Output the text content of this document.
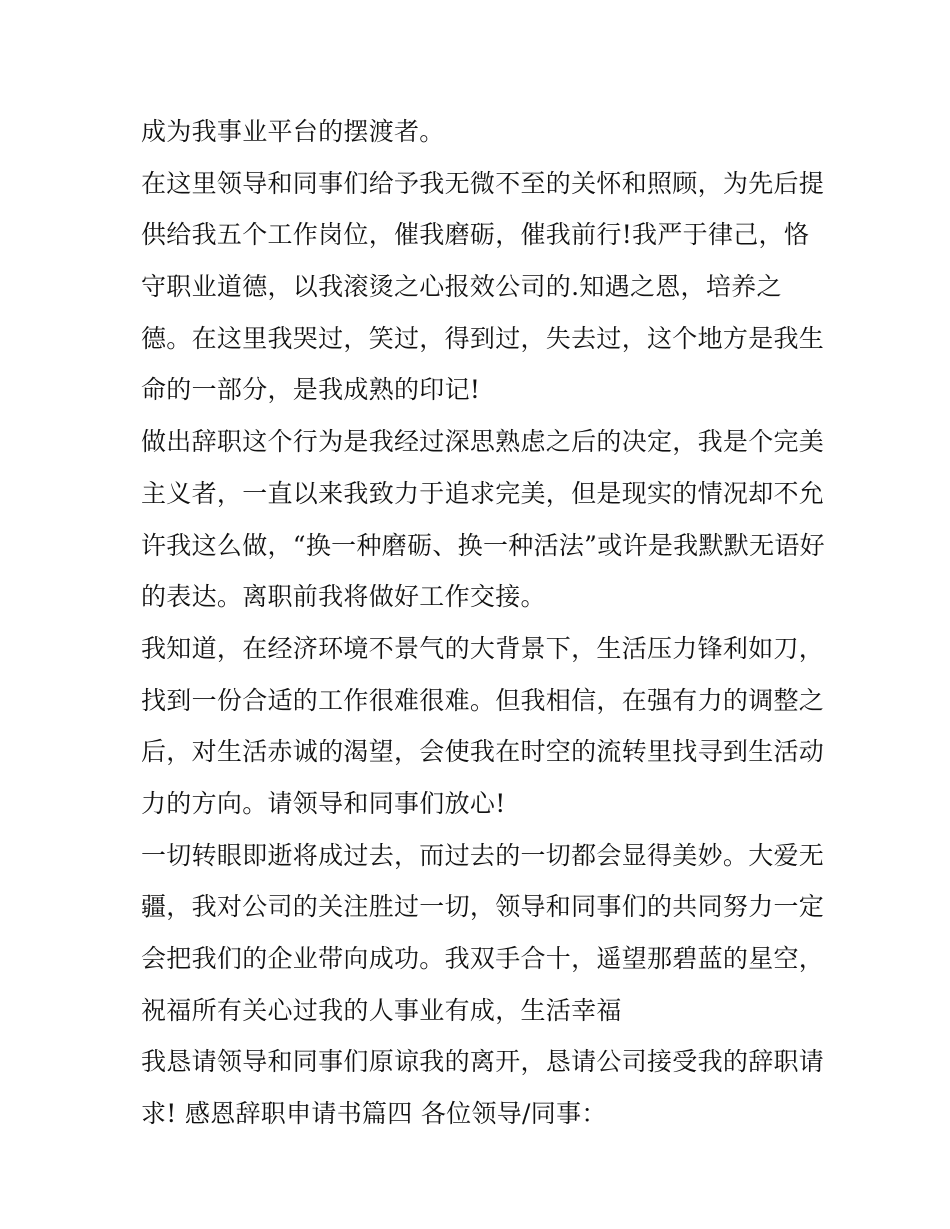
成为我事业平台的摆渡者。
在这里领导和同事们给予我无微不至的关怀和照顾，为先后提
供给我五个工作岗位，催我磨砺，催我前行!我严于律己，恪
守职业道德，以我滚烫之心报效公司的.知遇之恩，培养之
德。在这里我哭过，笑过，得到过，失去过，这个地方是我生
命的一部分，是我成熟的印记!
做出辞职这个行为是我经过深思熟虑之后的决定，我是个完美
主义者，一直以来我致力于追求完美，但是现实的情况却不允
许我这么做，“换一种磨砺、换一种活法”或许是我默默无语好
的表达。离职前我将做好工作交接。
我知道，在经济环境不景气的大背景下，生活压力锋利如刀，
找到一份合适的工作很难很难。但我相信，在强有力的调整之
后，对生活赤诚的渴望，会使我在时空的流转里找寻到生活动
力的方向。请领导和同事们放心!
一切转眼即逝将成过去，而过去的一切都会显得美妙。大爱无
疆，我对公司的关注胜过一切，领导和同事们的共同努力一定
会把我们的企业带向成功。我双手合十，遥望那碧蓝的星空，
祝福所有关心过我的人事业有成，生活幸福
我恳请领导和同事们原谅我的离开，恳请公司接受我的辞职请
求! 感恩辞职申请书篇四 各位领导/同事：
